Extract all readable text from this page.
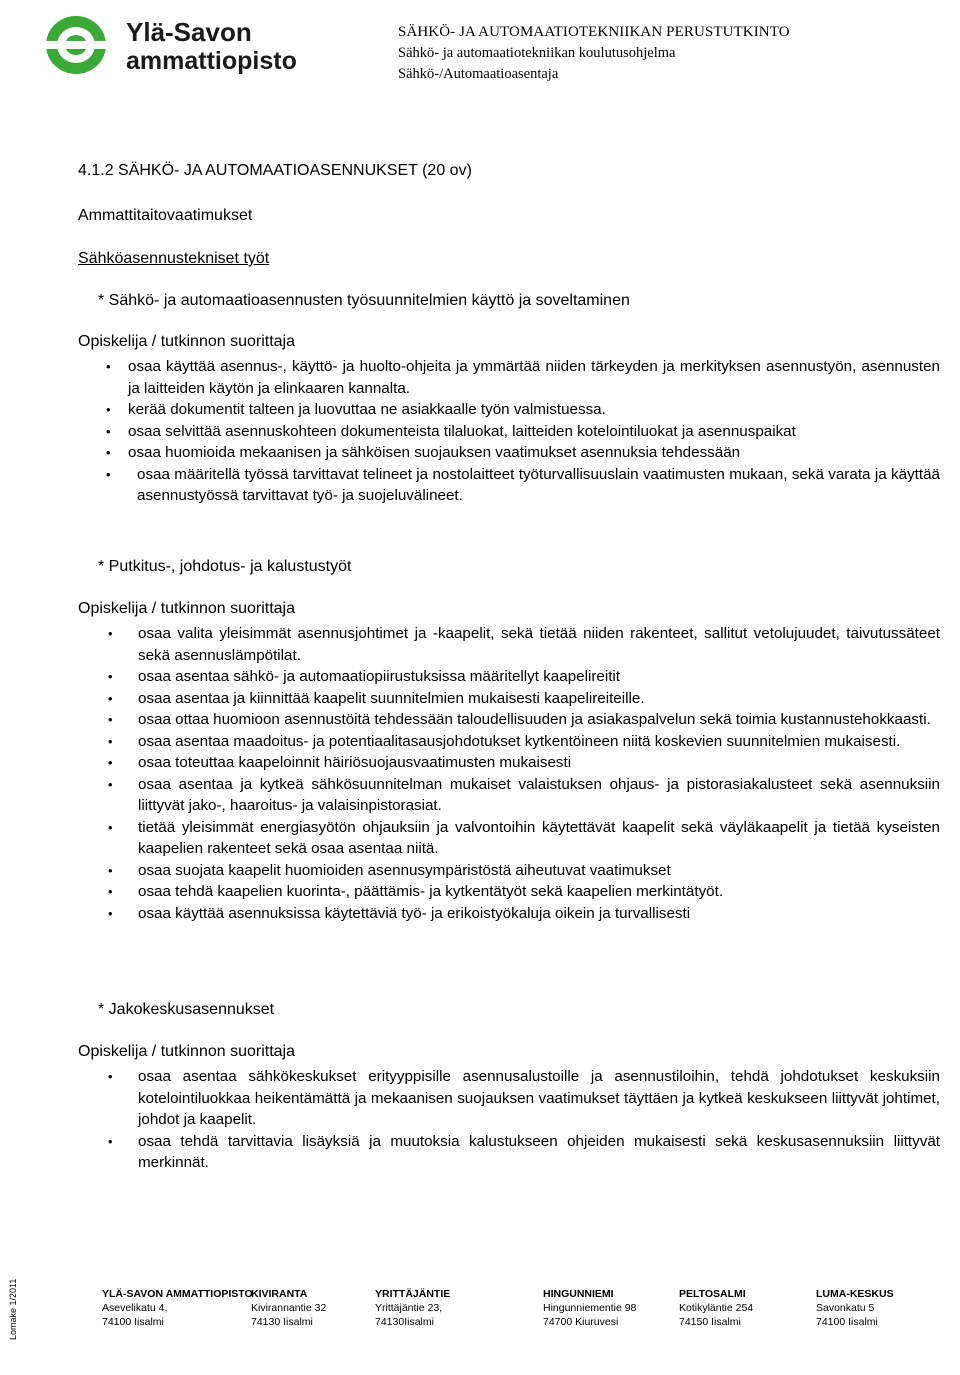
Ylä-Savon
ammattiopisto
SÄHKÖ- JA AUTOMAATIOTEKNIIKAN PERUSTUTKINTO
Sähkö- ja automaatiotekniikan koulutusohjelma
Sähkö-/Automaatioasentaja
4.1.2 SÄHKÖ- JA AUTOMAATIOASENNUKSET (20 ov)
Ammattitaitovaatimukset
Sähköasennustekniset työt
* Sähkö- ja automaatioasennusten työsuunnitelmien käyttö ja soveltaminen
Opiskelija / tutkinnon suorittaja
• osaa käyttää asennus-, käyttö- ja huolto-ohjeita ja ymmärtää niiden tärkeyden ja merkityksen asennustyön, asennusten ja laitteiden käytön ja elinkaaren kannalta.
• kerää dokumentit talteen ja luovuttaa ne asiakkaalle työn valmistuessa.
• osaa selvittää asennuskohteen dokumenteista tilaluokat, laitteiden kotelointiluokat ja asennuspaikat
• osaa huomioida mekaanisen ja sähköisen suojauksen vaatimukset asennuksia tehdessään
• osaa määritellä työssä tarvittavat telineet ja nostolaitteet työturvallisuuslain vaatimusten mukaan, sekä varata ja käyttää asennustyössä tarvittavat työ- ja suojeluvälineet.
* Putkitus-, johdotus- ja kalustustyöt
Opiskelija / tutkinnon suorittaja
• osaa valita yleisimmät asennusjohtimet ja -kaapelit, sekä tietää niiden rakenteet, sallitut vetolujuudet, taivutussäteet sekä asennuslämpötilat.
• osaa asentaa sähkö- ja automaatiopiirustuksissa määritellyt kaapelireitit
• osaa asentaa ja kiinnittää kaapelit suunnitelmien mukaisesti kaapelireiteille.
• osaa ottaa huomioon asennustöitä tehdessään taloudellisuuden ja asiakaspalvelun sekä toimia kustannustehokkaasti.
• osaa asentaa maadoitus- ja potentiaalitasausjohdotukset kytkentöineen niitä koskevien suunnitelmien mukaisesti.
• osaa toteuttaa kaapeloinnit häiriösuojausvaatimusten mukaisesti
• osaa asentaa ja kytkeä sähkösuunnitelman mukaiset valaistuksen ohjaus- ja pistorasiakalusteet sekä asennuksiin liittyvät jako-, haaroitus- ja valaisinpistorasiat.
• tietää yleisimmät energiasyötön ohjauksiin ja valvontoihin käytettävät kaapelit sekä väyläkaapelit ja tietää kyseisten kaapelien rakenteet sekä osaa asentaa niitä.
• osaa suojata kaapelit huomioiden asennusympäristöstä aiheutuvat vaatimukset
• osaa tehdä kaapelien kuorinta-, päättämis- ja kytkentätyöt sekä kaapelien merkintätyöt.
• osaa käyttää asennuksissa käytettäviä työ- ja erikoistyökaluja oikein ja turvallisesti
* Jakokeskusasennukset
Opiskelija / tutkinnon suorittaja
• osaa asentaa sähkökeskukset erityyppisille asennusalustoille ja asennustiloihin, tehdä johdotukset keskuksiin kotelointiluokkaa heikentämättä ja mekaanisen suojauksen vaatimukset täyttäen ja kytkeä keskukseen liittyvät johtimet, johdot ja kaapelit.
• osaa tehdä tarvittavia lisäyksiä ja muutoksia kalustukseen ohjeiden mukaisesti sekä keskusasennuksiin liittyvät merkinnät.
Lomake 1/2011	YLÄ-SAVON AMMATTIOPISTO
Asevelikatu 4,
74100 Iisalmi
KIVIRANTA
Kivirannantie 32
74130 Iisalmi
YRITTÄJÄNTIE
Yrittäjäntie 23,
74130Iisalmi
HINGUNNIEMI
Hingunniementie 98
74700 Kiuruvesi
PELTOSALMI
Kotikyläntie 254
74150 Iisalmi
LUMA-KESKUS
Savonkatu 5
74100 Iisalmi
